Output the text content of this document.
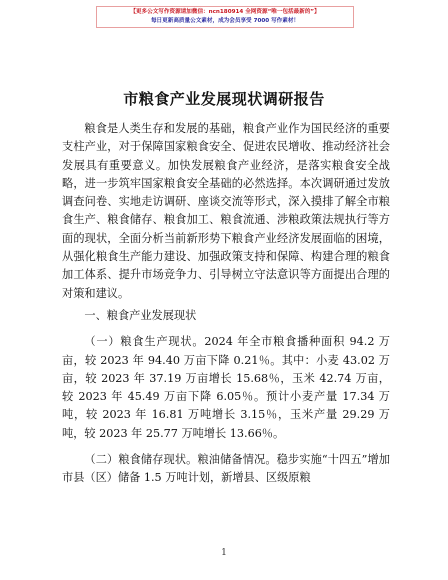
【更多公文写作资源请加微信：ncn180914 全网资源“唯一包括最新的”】
每日更新高质量公文素材，成为会员享受 7000 写作素材！
市粮食产业发展现状调研报告

粮食是人类生存和发展的基础，粮食产业作为国民经济的重要支柱产业，对于保障国家粮食安全、促进农民增收、推动经济社会发展具有重要意义。加快发展粮食产业经济，是落实粮食安全战略，进一步筑牢国家粮食安全基础的必然选择。本次调研通过发放调查问卷、实地走访调研、座谈交流等形式，深入摸排了解全市粮食生产、粮食储存、粮食加工、粮食流通、涉粮政策法规执行等方面的现状，全面分析当前新形势下粮食产业经济发展面临的困境，从强化粮食生产能力建设、加强政策支持和保障、构建合理的粮食加工体系、提升市场竞争力、引导树立守法意识等方面提出合理的对策和建议。

一、粮食产业发展现状

（一）粮食生产现状。2024 年全市粮食播种面积 94.2 万亩，较 2023 年 94.40 万亩下降 0.21％。其中：小麦 43.02 万亩，较 2023 年 37.19 万亩增长 15.68％，玉米 42.74 万亩，较 2023 年 45.49 万亩下降 6.05％。预计小麦产量 17.34 万吨，较 2023 年 16.81 万吨增长 3.15％，玉米产量 29.29 万吨，较 2023 年 25.77 万吨增长 13.66％。

（二）粮食储存现状。粮油储备情况。稳步实施“十四五”增加市县（区）储备 1.5 万吨计划，新增县、区级原粮

1
